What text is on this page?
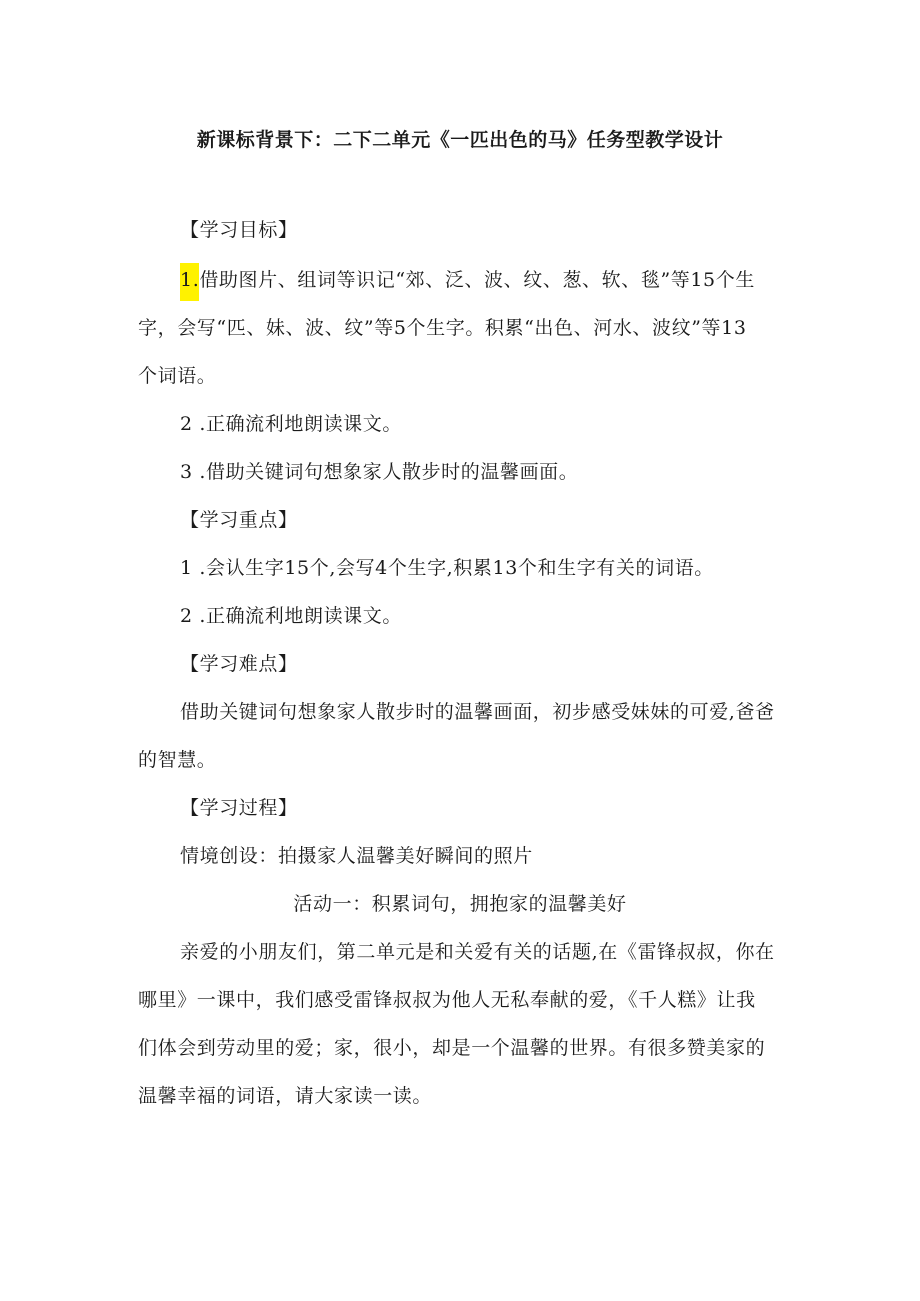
新课标背景下：二下二单元《一匹出色的马》任务型教学设计
【学习目标】
1.借助图片、组词等识记“郊、泛、波、纹、葱、软、毯”等15个生
字，会写“匹、妹、波、纹”等5个生字。积累“出色、河水、波纹”等13
个词语。
2 .正确流利地朗读课文。
3 .借助关键词句想象家人散步时的温馨画面。
【学习重点】
1 .会认生字15个,会写4个生字,积累13个和生字有关的词语。
2 .正确流利地朗读课文。
【学习难点】
借助关键词句想象家人散步时的温馨画面，初步感受妹妹的可爱,爸爸
的智慧。
【学习过程】
情境创设：拍摄家人温馨美好瞬间的照片
活动一：积累词句，拥抱家的温馨美好
亲爱的小朋友们，第二单元是和关爱有关的话题,在《雷锋叔叔，你在
哪里》一课中，我们感受雷锋叔叔为他人无私奉献的爱，《千人糕》让我
们体会到劳动里的爱；家，很小，却是一个温馨的世界。有很多赞美家的
温馨幸福的词语，请大家读一读。
